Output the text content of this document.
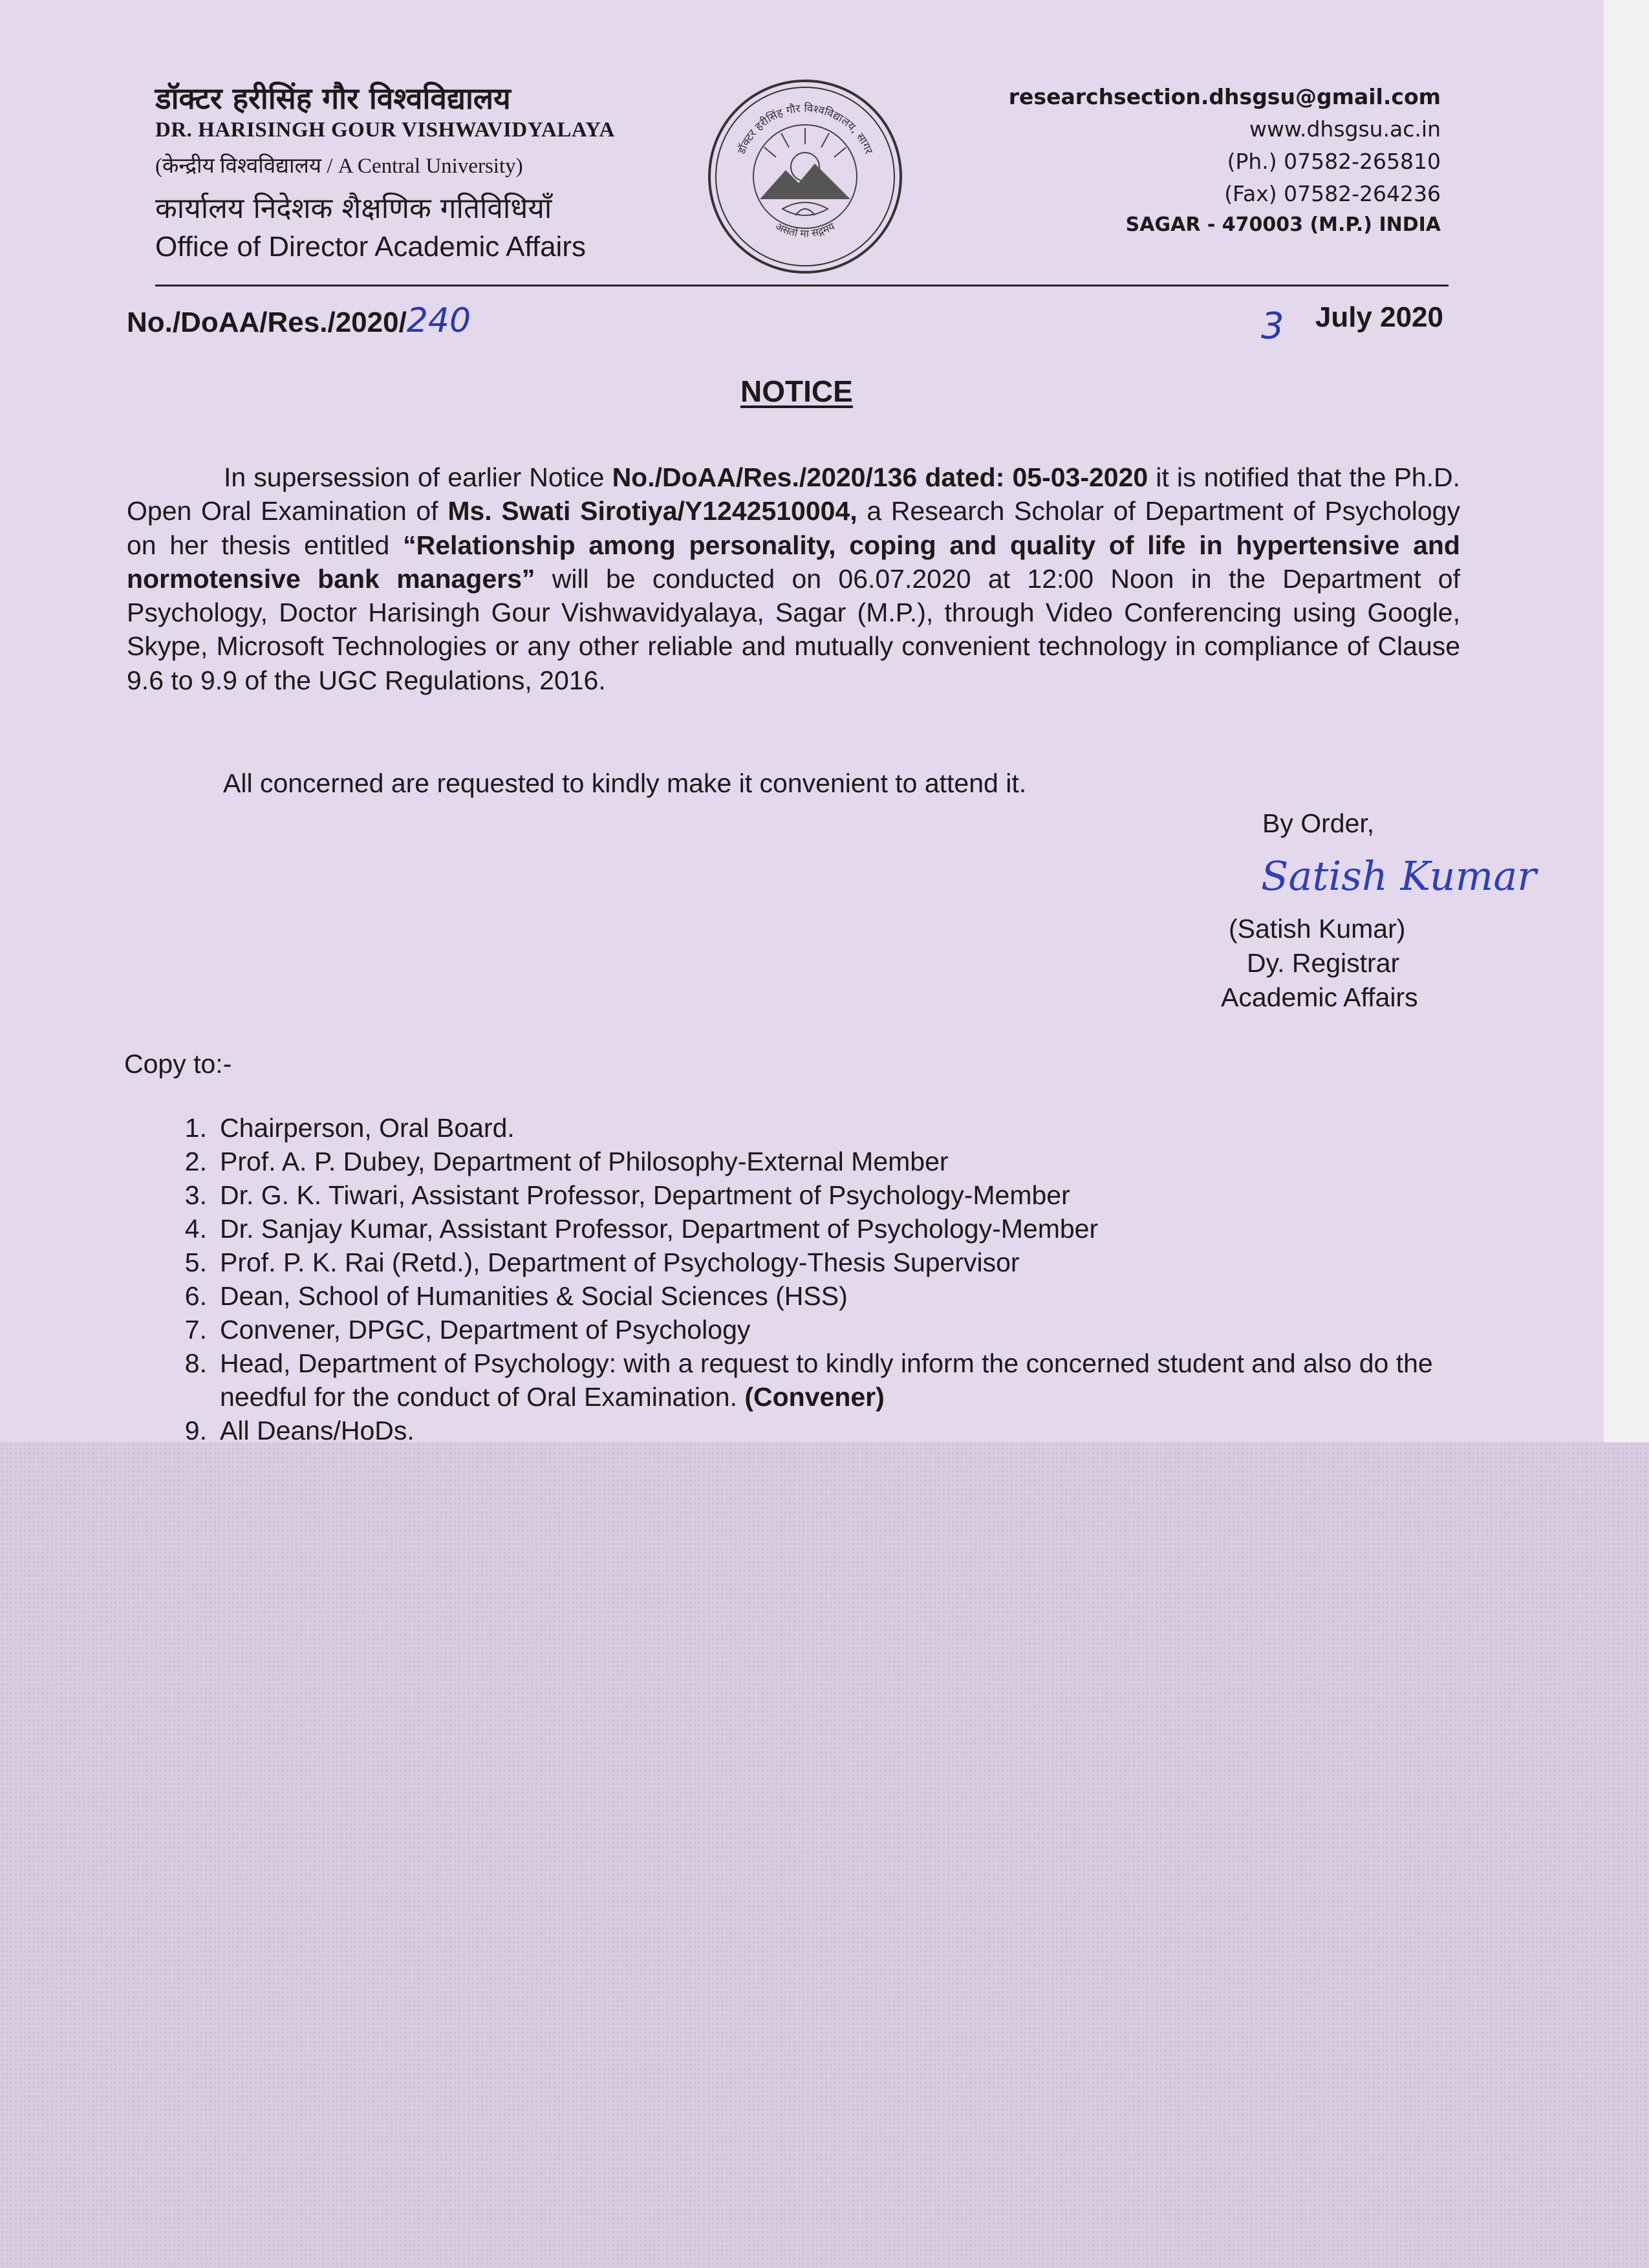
डॉक्टर हरीसिंह गौर विश्वविद्यालय
DR. HARISINGH GOUR VISHWAVIDYALAYA
(केन्द्रीय विश्वविद्यालय / A Central University)
कार्यालय निदेशक शैक्षणिक गतिविधियाँ
Office of Director Academic Affairs
डॉक्टर हरीसिंह गौर विश्वविद्यालय, सागर
असतो मा सद्गमय
researchsection.dhsgsu@gmail.com
www.dhsgsu.ac.in
(Ph.) 07582-265810
(Fax) 07582-264236
SAGAR - 470003 (M.P.) INDIA
No./DoAA/Res./2020/240	3 July 2020
NOTICE

In supersession of earlier Notice No./DoAA/Res./2020/136 dated: 05-03-2020 it is notified that the Ph.D. Open Oral Examination of Ms. Swati Sirotiya/Y1242510004, a Research Scholar of Department of Psychology on her thesis entitled “Relationship among personality, coping and quality of life in hypertensive and normotensive bank managers” will be conducted on 06.07.2020 at 12:00 Noon in the Department of Psychology, Doctor Harisingh Gour Vishwavidyalaya, Sagar (M.P.), through Video Conferencing using Google, Skype, Microsoft Technologies or any other reliable and mutually convenient technology in compliance of Clause 9.6 to 9.9 of the UGC Regulations, 2016.

All concerned are requested to kindly make it convenient to attend it.
By Order,
Satish Kumar
(Satish Kumar)
Dy. Registrar
Academic Affairs
Copy to:-
1. Chairperson, Oral Board.
2. Prof. A. P. Dubey, Department of Philosophy-External Member
3. Dr. G. K. Tiwari, Assistant Professor, Department of Psychology-Member
4. Dr. Sanjay Kumar, Assistant Professor, Department of Psychology-Member
5. Prof. P. K. Rai (Retd.), Department of Psychology-Thesis Supervisor
6. Dean, School of Humanities & Social Sciences (HSS)
7. Convener, DPGC, Department of Psychology
8. Head, Department of Psychology: with a request to kindly inform the concerned student and also do the needful for the conduct of Oral Examination. (Convener)
9. All Deans/HoDs.
